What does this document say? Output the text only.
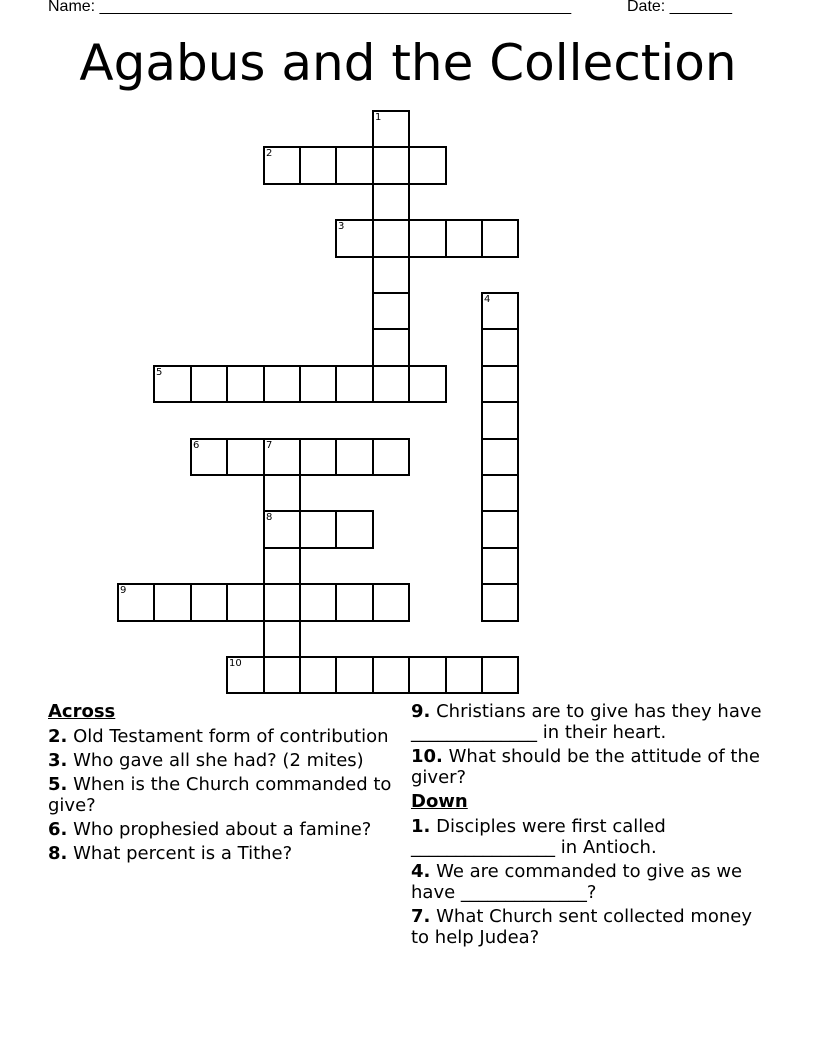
Name: _____________________________________________________	Date: _______
Agabus and the Collection
1
2
3
4
5
6	7
8
9
10
Across
2. Old Testament form of contribution
3. Who gave all she had? (2 mites)
5. When is the Church commanded to give?
6. Who prophesied about a famine?
8. What percent is a Tithe?
9. Christians are to give has they have ______________ in their heart.
10. What should be the attitude of the giver?
Down
1. Disciples were first called ________________ in Antioch.
4. We are commanded to give as we have ______________?
7. What Church sent collected money to help Judea?
